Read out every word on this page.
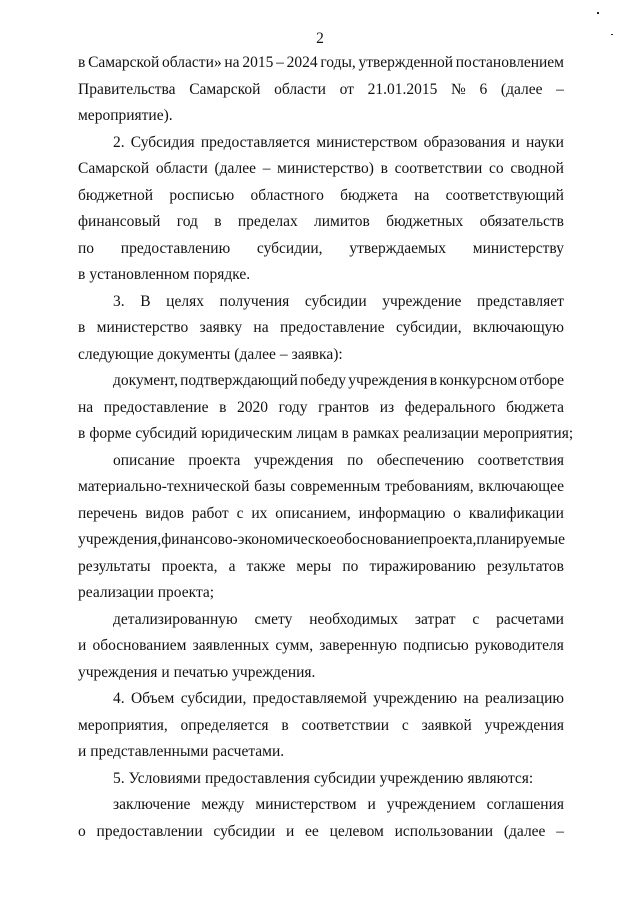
2
в Самарской области» на 2015 – 2024 годы, утвержденной постановлением
Правительства Самарской области от 21.01.2015 № 6 (далее –
мероприятие).
2. Субсидия предоставляется министерством образования и науки
Самарской области (далее – министерство) в соответствии со сводной
бюджетной росписью областного бюджета на соответствующий
финансовый год в пределах лимитов бюджетных обязательств
по предоставлению субсидии, утверждаемых министерству
в установленном порядке.
3. В целях получения субсидии учреждение представляет
в министерство заявку на предоставление субсидии, включающую
следующие документы (далее – заявка):
документ, подтверждающий победу учреждения в конкурсном отборе
на предоставление в 2020 году грантов из федерального бюджета
в форме субсидий юридическим лицам в рамках реализации мероприятия;
описание проекта учреждения по обеспечению соответствия
материально-технической базы современным требованиям, включающее
перечень видов работ с их описанием, информацию о квалификации
учреждения, финансово-экономическое обоснование проекта, планируемые
результаты проекта, а также меры по тиражированию результатов
реализации проекта;
детализированную смету необходимых затрат с расчетами
и обоснованием заявленных сумм, заверенную подписью руководителя
учреждения и печатью учреждения.
4. Объем субсидии, предоставляемой учреждению на реализацию
мероприятия, определяется в соответствии с заявкой учреждения
и представленными расчетами.
5. Условиями предоставления субсидии учреждению являются:
заключение между министерством и учреждением соглашения
о предоставлении субсидии и ее целевом использовании (далее –
